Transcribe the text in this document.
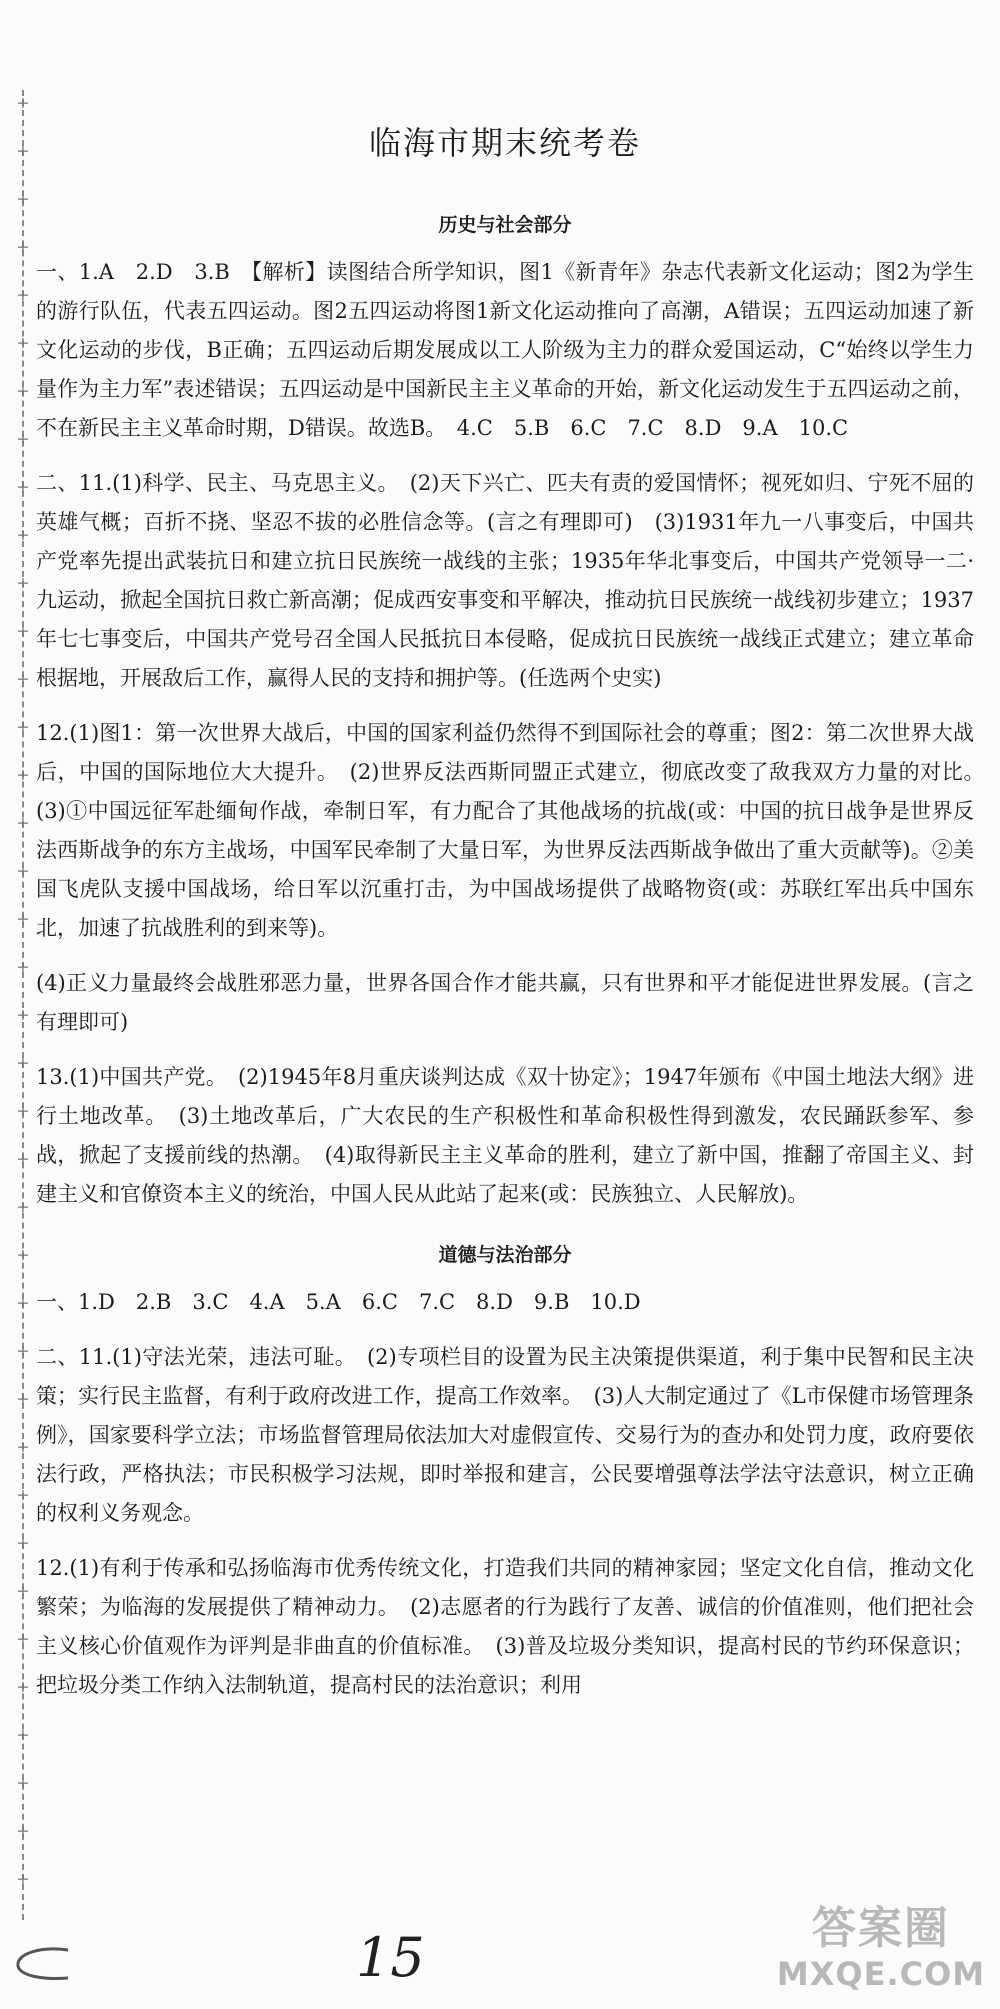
+
+
+
+
+
+
+
+
+
+
+
+
+
+
+
+
+
+
+
+
+
+
+
+
+
+
+
+
+
+
+
+
+
+
+
+
+
+
临海市期末统考卷
历史与社会部分

一、1.A　2.D　3.B　【解析】读图结合所学知识，图1《新青年》杂志代表新文化运动；图2为学生的游行队伍，代表五四运动。图2五四运动将图1新文化运动推向了高潮，A错误；五四运动加速了新文化运动的步伐，B正确；五四运动后期发展成以工人阶级为主力的群众爱国运动，C“始终以学生力量作为主力军”表述错误；五四运动是中国新民主主义革命的开始，新文化运动发生于五四运动之前，不在新民主主义革命时期，D错误。故选B。　4.C　5.B　6.C　7.C　8.D　9.A　10.C

二、11.(1)科学、民主、马克思主义。　(2)天下兴亡、匹夫有责的爱国情怀；视死如归、宁死不屈的英雄气概；百折不挠、坚忍不拔的必胜信念等。(言之有理即可)　(3)1931年九一八事变后，中国共产党率先提出武装抗日和建立抗日民族统一战线的主张；1935年华北事变后，中国共产党领导一二·九运动，掀起全国抗日救亡新高潮；促成西安事变和平解决，推动抗日民族统一战线初步建立；1937年七七事变后，中国共产党号召全国人民抵抗日本侵略，促成抗日民族统一战线正式建立；建立革命根据地，开展敌后工作，赢得人民的支持和拥护等。(任选两个史实)

12.(1)图1：第一次世界大战后，中国的国家利益仍然得不到国际社会的尊重；图2：第二次世界大战后，中国的国际地位大大提升。　(2)世界反法西斯同盟正式建立，彻底改变了敌我双方力量的对比。　(3)①中国远征军赴缅甸作战，牵制日军，有力配合了其他战场的抗战(或：中国的抗日战争是世界反法西斯战争的东方主战场，中国军民牵制了大量日军，为世界反法西斯战争做出了重大贡献等)。②美国飞虎队支援中国战场，给日军以沉重打击，为中国战场提供了战略物资(或：苏联红军出兵中国东北，加速了抗战胜利的到来等)。

(4)正义力量最终会战胜邪恶力量，世界各国合作才能共赢，只有世界和平才能促进世界发展。(言之有理即可)

13.(1)中国共产党。　(2)1945年8月重庆谈判达成《双十协定》；1947年颁布《中国土地法大纲》进行土地改革。　(3)土地改革后，广大农民的生产积极性和革命积极性得到激发，农民踊跃参军、参战，掀起了支援前线的热潮。　(4)取得新民主主义革命的胜利，建立了新中国，推翻了帝国主义、封建主义和官僚资本主义的统治，中国人民从此站了起来(或：民族独立、人民解放)。

道德与法治部分

一、1.D　2.B　3.C　4.A　5.A　6.C　7.C　8.D　9.B　10.D

二、11.(1)守法光荣，违法可耻。　(2)专项栏目的设置为民主决策提供渠道，利于集中民智和民主决策；实行民主监督，有利于政府改进工作，提高工作效率。　(3)人大制定通过了《L市保健市场管理条例》，国家要科学立法；市场监督管理局依法加大对虚假宣传、交易行为的查办和处罚力度，政府要依法行政，严格执法；市民积极学习法规，即时举报和建言，公民要增强尊法学法守法意识，树立正确的权利义务观念。

12.(1)有利于传承和弘扬临海市优秀传统文化，打造我们共同的精神家园；坚定文化自信，推动文化繁荣；为临海的发展提供了精神动力。　(2)志愿者的行为践行了友善、诚信的价值准则，他们把社会主义核心价值观作为评判是非曲直的价值标准。　(3)普及垃圾分类知识，提高村民的节约环保意识；把垃圾分类工作纳入法制轨道，提高村民的法治意识；利用

15	答案圈
MXQE.COM
